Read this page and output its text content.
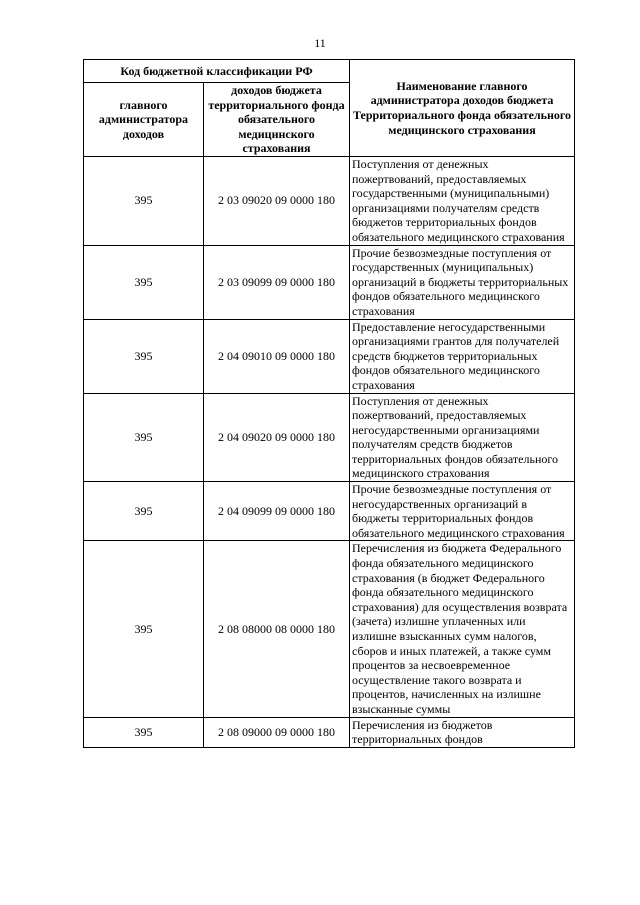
11
Код бюджетной классификации РФ		Наименование главного администратора доходов бюджета Территориального фонда обязательного медицинского страхования
главного администратора доходов	доходов бюджета территориального фонда обязательного медицинского страхования	
395	2 03 09020 09 0000 180	Поступления от денежных пожертвований, предоставляемых государственными (муниципальными) организациями получателям средств бюджетов территориальных фондов обязательного медицинского страхования
395	2 03 09099 09 0000 180	Прочие безвозмездные поступления от государственных (муниципальных) организаций в бюджеты территориальных фондов обязательного медицинского страхования
395	2 04 09010 09 0000 180	Предоставление негосударственными организациями грантов для получателей средств бюджетов территориальных фондов обязательного медицинского страхования
395	2 04 09020 09 0000 180	Поступления от денежных пожертвований, предоставляемых негосударственными организациями получателям средств бюджетов территориальных фондов обязательного медицинского страхования
395	2 04 09099 09 0000 180	Прочие безвозмездные поступления от негосударственных организаций в бюджеты территориальных фондов обязательного медицинского страхования
395	2 08 08000 08 0000 180	Перечисления из бюджета Федерального фонда обязательного медицинского страхования (в бюджет Федерального фонда обязательного медицинского страхования) для осуществления возврата (зачета) излишне уплаченных или излишне взысканных сумм налогов, сборов и иных платежей, а также сумм процентов за несвоевременное осуществление такого возврата и процентов, начисленных на излишне взысканные суммы
395	2 08 09000 09 0000 180	Перечисления из бюджетов территориальных фондов
